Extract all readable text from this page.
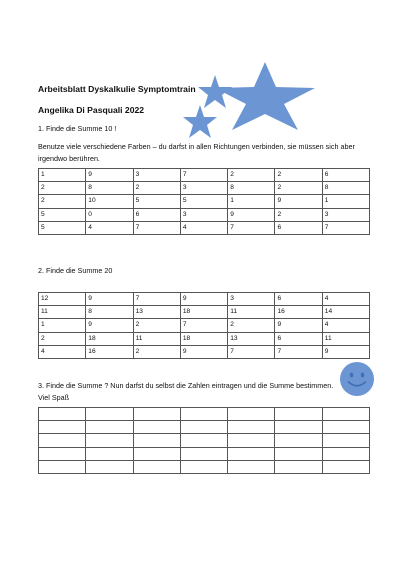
Arbeitsblatt Dyskalkulie Symptomtrain
Angelika Di Pasquali 2022
1. Finde die Summe 10 !
Benutze viele verschiedene Farben – du darfst in allen Richtungen verbinden, sie müssen sich aber irgendwo berühren.
1	9	3	7	2	2	6
2	8	2	3	8	2	8
2	10	5	5	1	9	1
5	0	6	3	9	2	3
5	4	7	4	7	6	7
2. Finde die Summe 20
12	9	7	9	3	6	4
11	8	13	18	11	16	14
1	9	2	7	2	9	4
2	18	11	18	13	6	11
4	16	2	9	7	7	9
3. Finde die Summe ? Nun darfst du selbst die Zahlen eintragen und die Summe bestimmen. Viel Spaß
